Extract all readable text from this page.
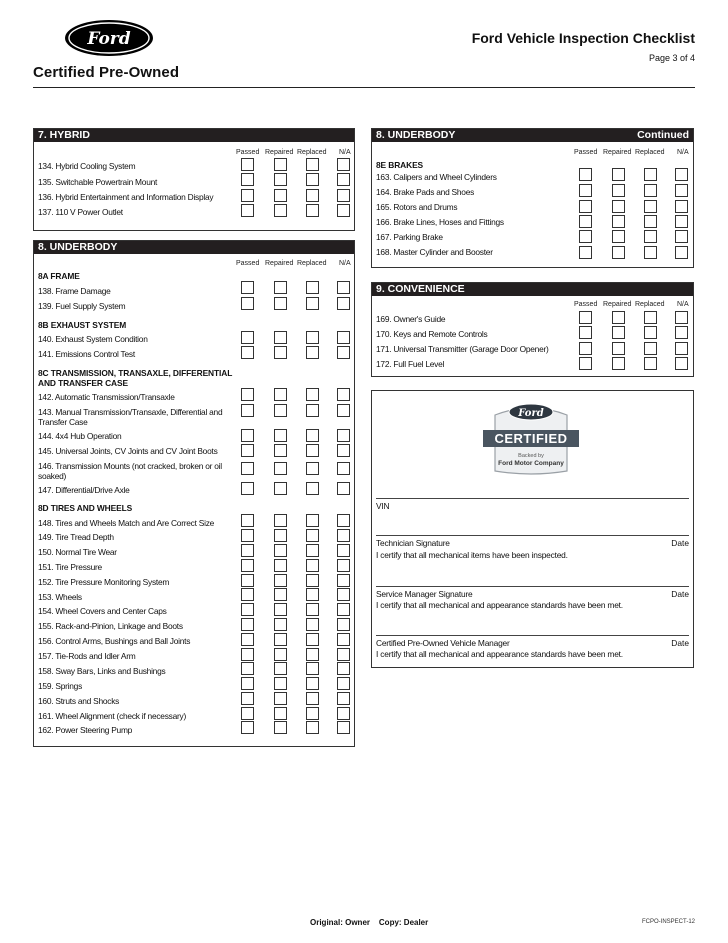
Ford
Certified Pre-Owned
Ford Vehicle Inspection Checklist
Page 3 of 4
7. HYBRID
Passed Repaired Replaced N/A
134. Hybrid Cooling System
135. Switchable Powertrain Mount
136. Hybrid Entertainment and Information Display
137. 110 V Power Outlet
8. UNDERBODY
Passed Repaired Replaced N/A
8A FRAME
138. Frame Damage
139. Fuel Supply System
8B EXHAUST SYSTEM
140. Exhaust System Condition
141. Emissions Control Test
8C TRANSMISSION, TRANSAXLE, DIFFERENTIAL AND TRANSFER CASE
142. Automatic Transmission/Transaxle
143. Manual Transmission/Transaxle, Differential and Transfer Case
144. 4x4 Hub Operation
145. Universal Joints, CV Joints and CV Joint Boots
146. Transmission Mounts (not cracked, broken or oil soaked)
147. Differential/Drive Axle
8D TIRES AND WHEELS
148. Tires and Wheels Match and Are Correct Size
149. Tire Tread Depth
150. Normal Tire Wear
151. Tire Pressure
152. Tire Pressure Monitoring System
153. Wheels
154. Wheel Covers and Center Caps
155. Rack-and-Pinion, Linkage and Boots
156. Control Arms, Bushings and Ball Joints
157. Tie-Rods and Idler Arm
158. Sway Bars, Links and Bushings
159. Springs
160. Struts and Shocks
161. Wheel Alignment (check if necessary)
162. Power Steering Pump
8. UNDERBODY	Continued
Passed Repaired Replaced N/A
8E BRAKES
163. Calipers and Wheel Cylinders
164. Brake Pads and Shoes
165. Rotors and Drums
166. Brake Lines, Hoses and Fittings
167. Parking Brake
168. Master Cylinder and Booster
9. CONVENIENCE
Passed Repaired Replaced N/A
169. Owner's Guide
170. Keys and Remote Controls
171. Universal Transmitter (Garage Door Opener)
172. Full Fuel Level
Ford
CERTIFIED
Backed by
Ford Motor Company
VIN
Technician Signature	Date
I certify that all mechanical items have been inspected.
Service Manager Signature	Date
I certify that all mechanical and appearance standards have been met.
Certified Pre-Owned Vehicle Manager	Date
I certify that all mechanical and appearance standards have been met.
Original: Owner    Copy: Dealer	FCPO-INSPECT-12
